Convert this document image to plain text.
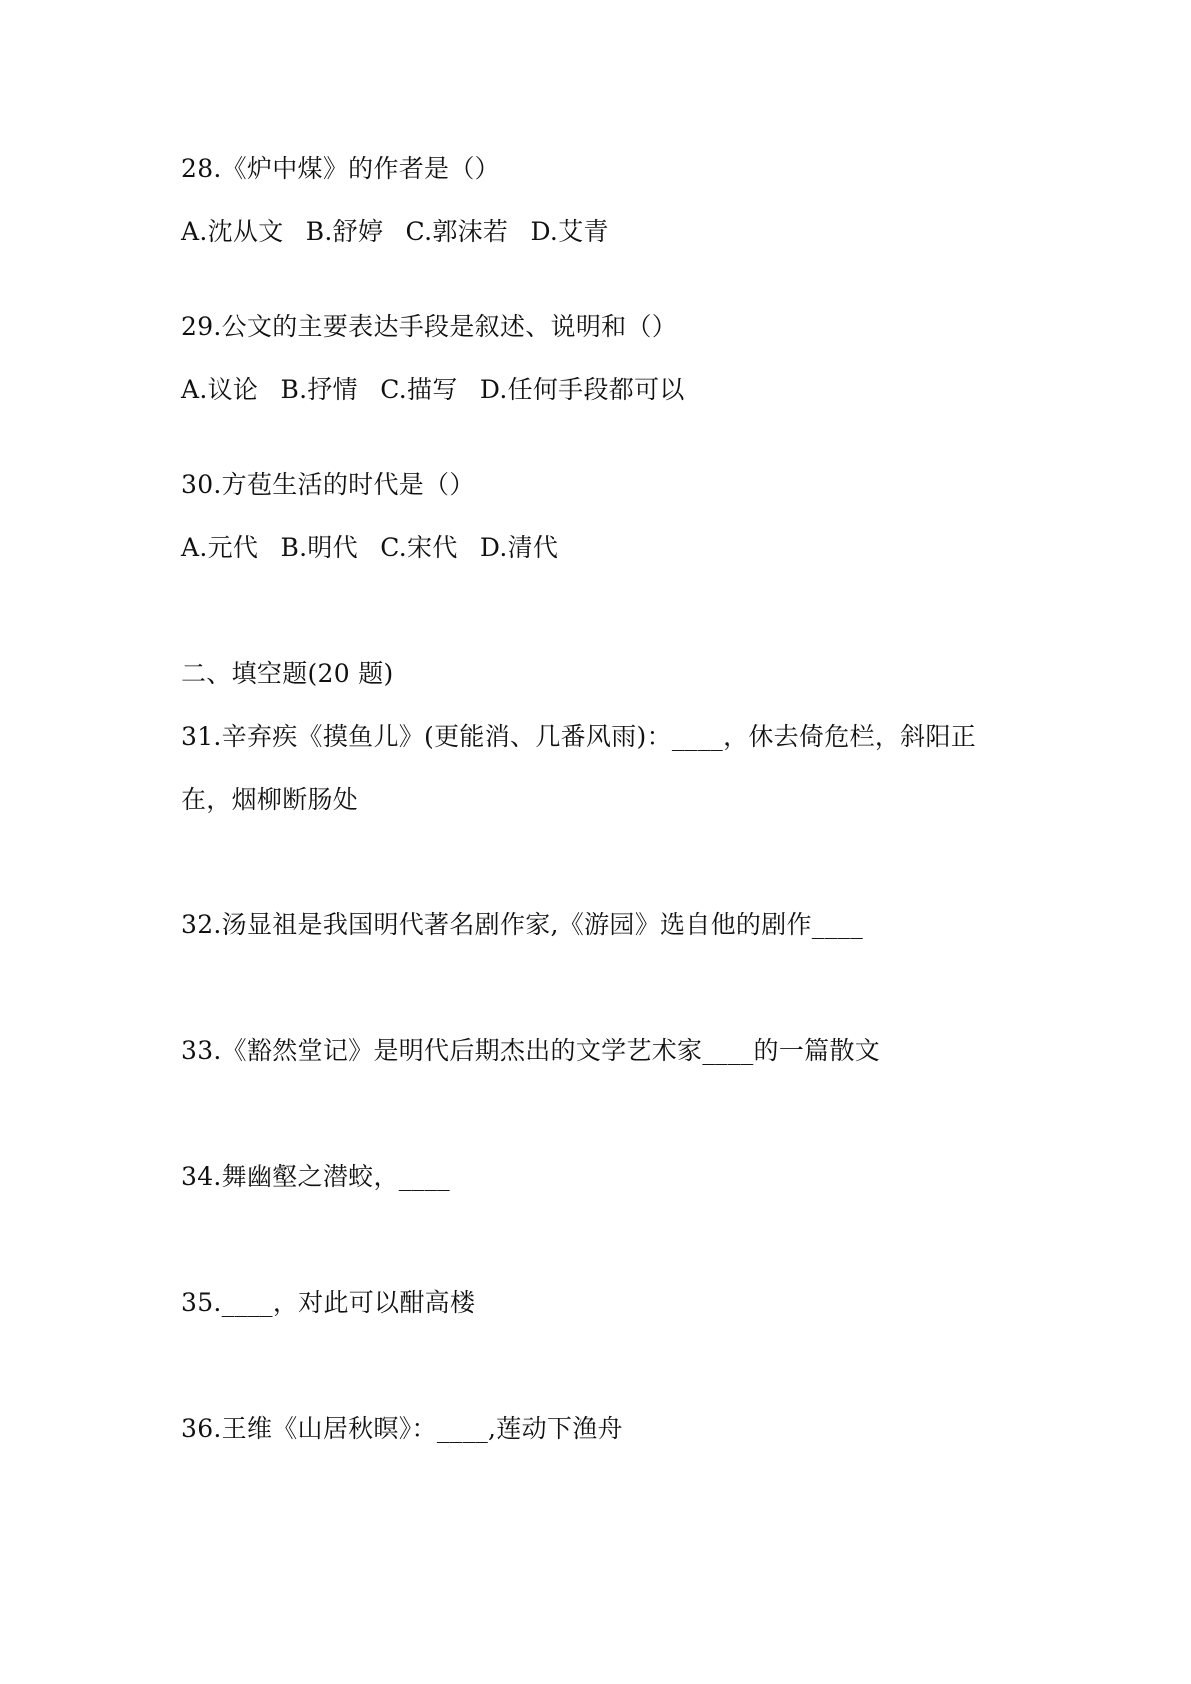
28.《炉中煤》的作者是（）
A.沈从文 B.舒婷 C.郭沫若 D.艾青
29.公文的主要表达手段是叙述、说明和（）
A.议论 B.抒情 C.描写 D.任何手段都可以
30.方苞生活的时代是（）
A.元代 B.明代 C.宋代 D.清代
二、填空题(20 题)
31.辛弃疾《摸鱼儿》(更能消、几番风雨)：____，休去倚危栏，斜阳正
在，烟柳断肠处
32.汤显祖是我国明代著名剧作家,《游园》选自他的剧作____
33.《豁然堂记》是明代后期杰出的文学艺术家____的一篇散文
34.舞幽壑之潜蛟，____
35.____，对此可以酣高楼
36.王维《山居秋暝》：____,莲动下渔舟
